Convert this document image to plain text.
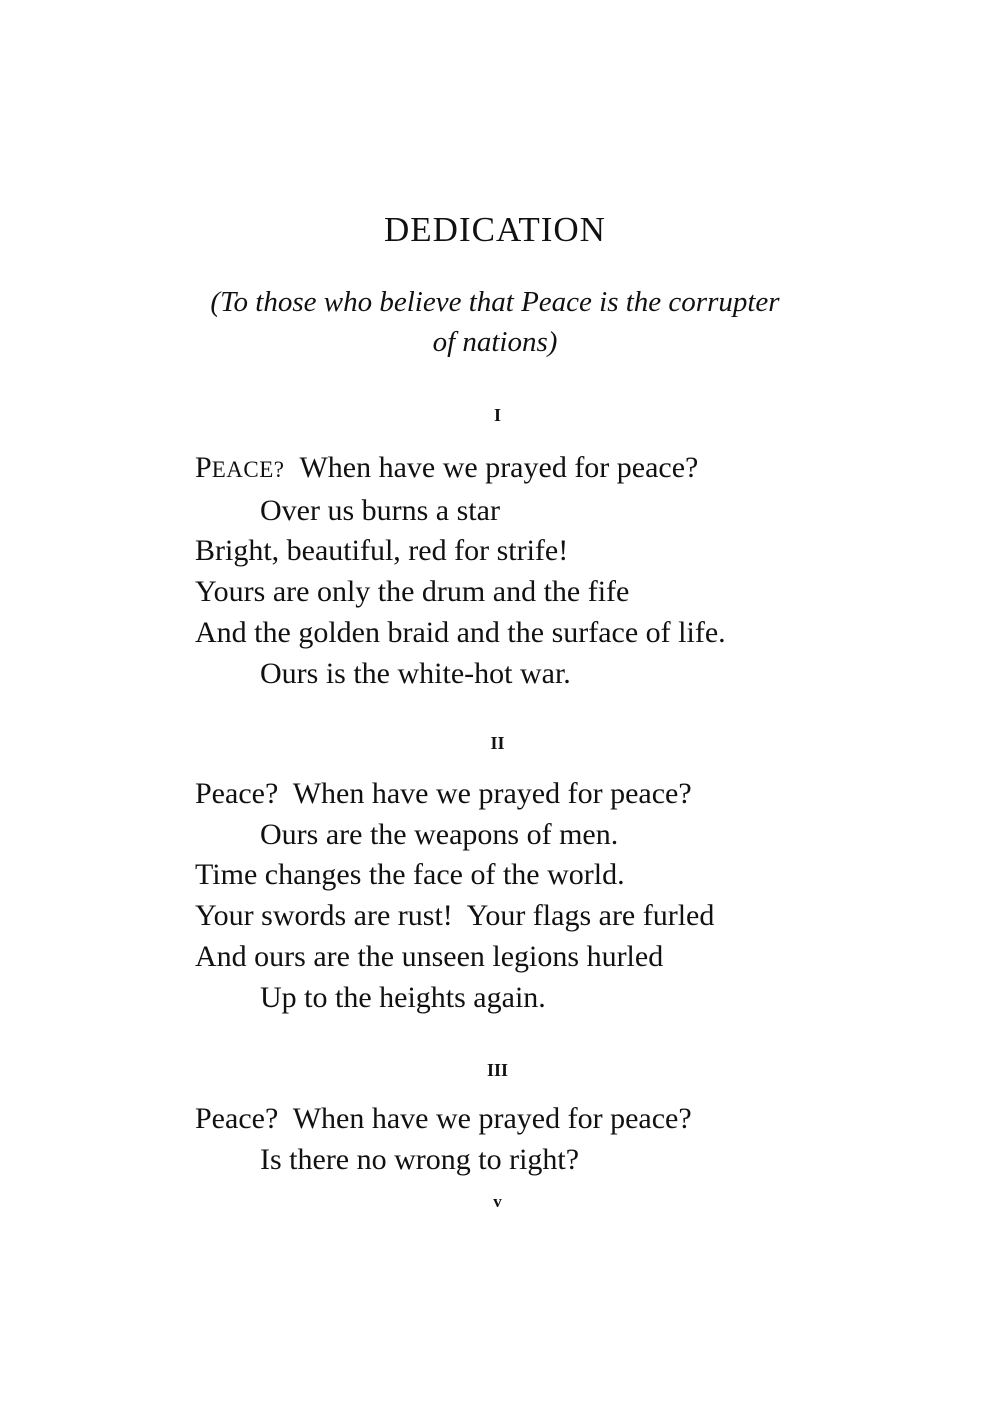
DEDICATION
(To those who believe that Peace is the corrupter
of nations)
I
PEACE? When have we prayed for peace?
Over us burns a star
Bright, beautiful, red for strife!
Yours are only the drum and the fife
And the golden braid and the surface of life.
Ours is the white-hot war.
II
Peace?  When have we prayed for peace?
Ours are the weapons of men.
Time changes the face of the world.
Your swords are rust!  Your flags are furled
And ours are the unseen legions hurled
Up to the heights again.
III
Peace?  When have we prayed for peace?
Is there no wrong to right?
v
